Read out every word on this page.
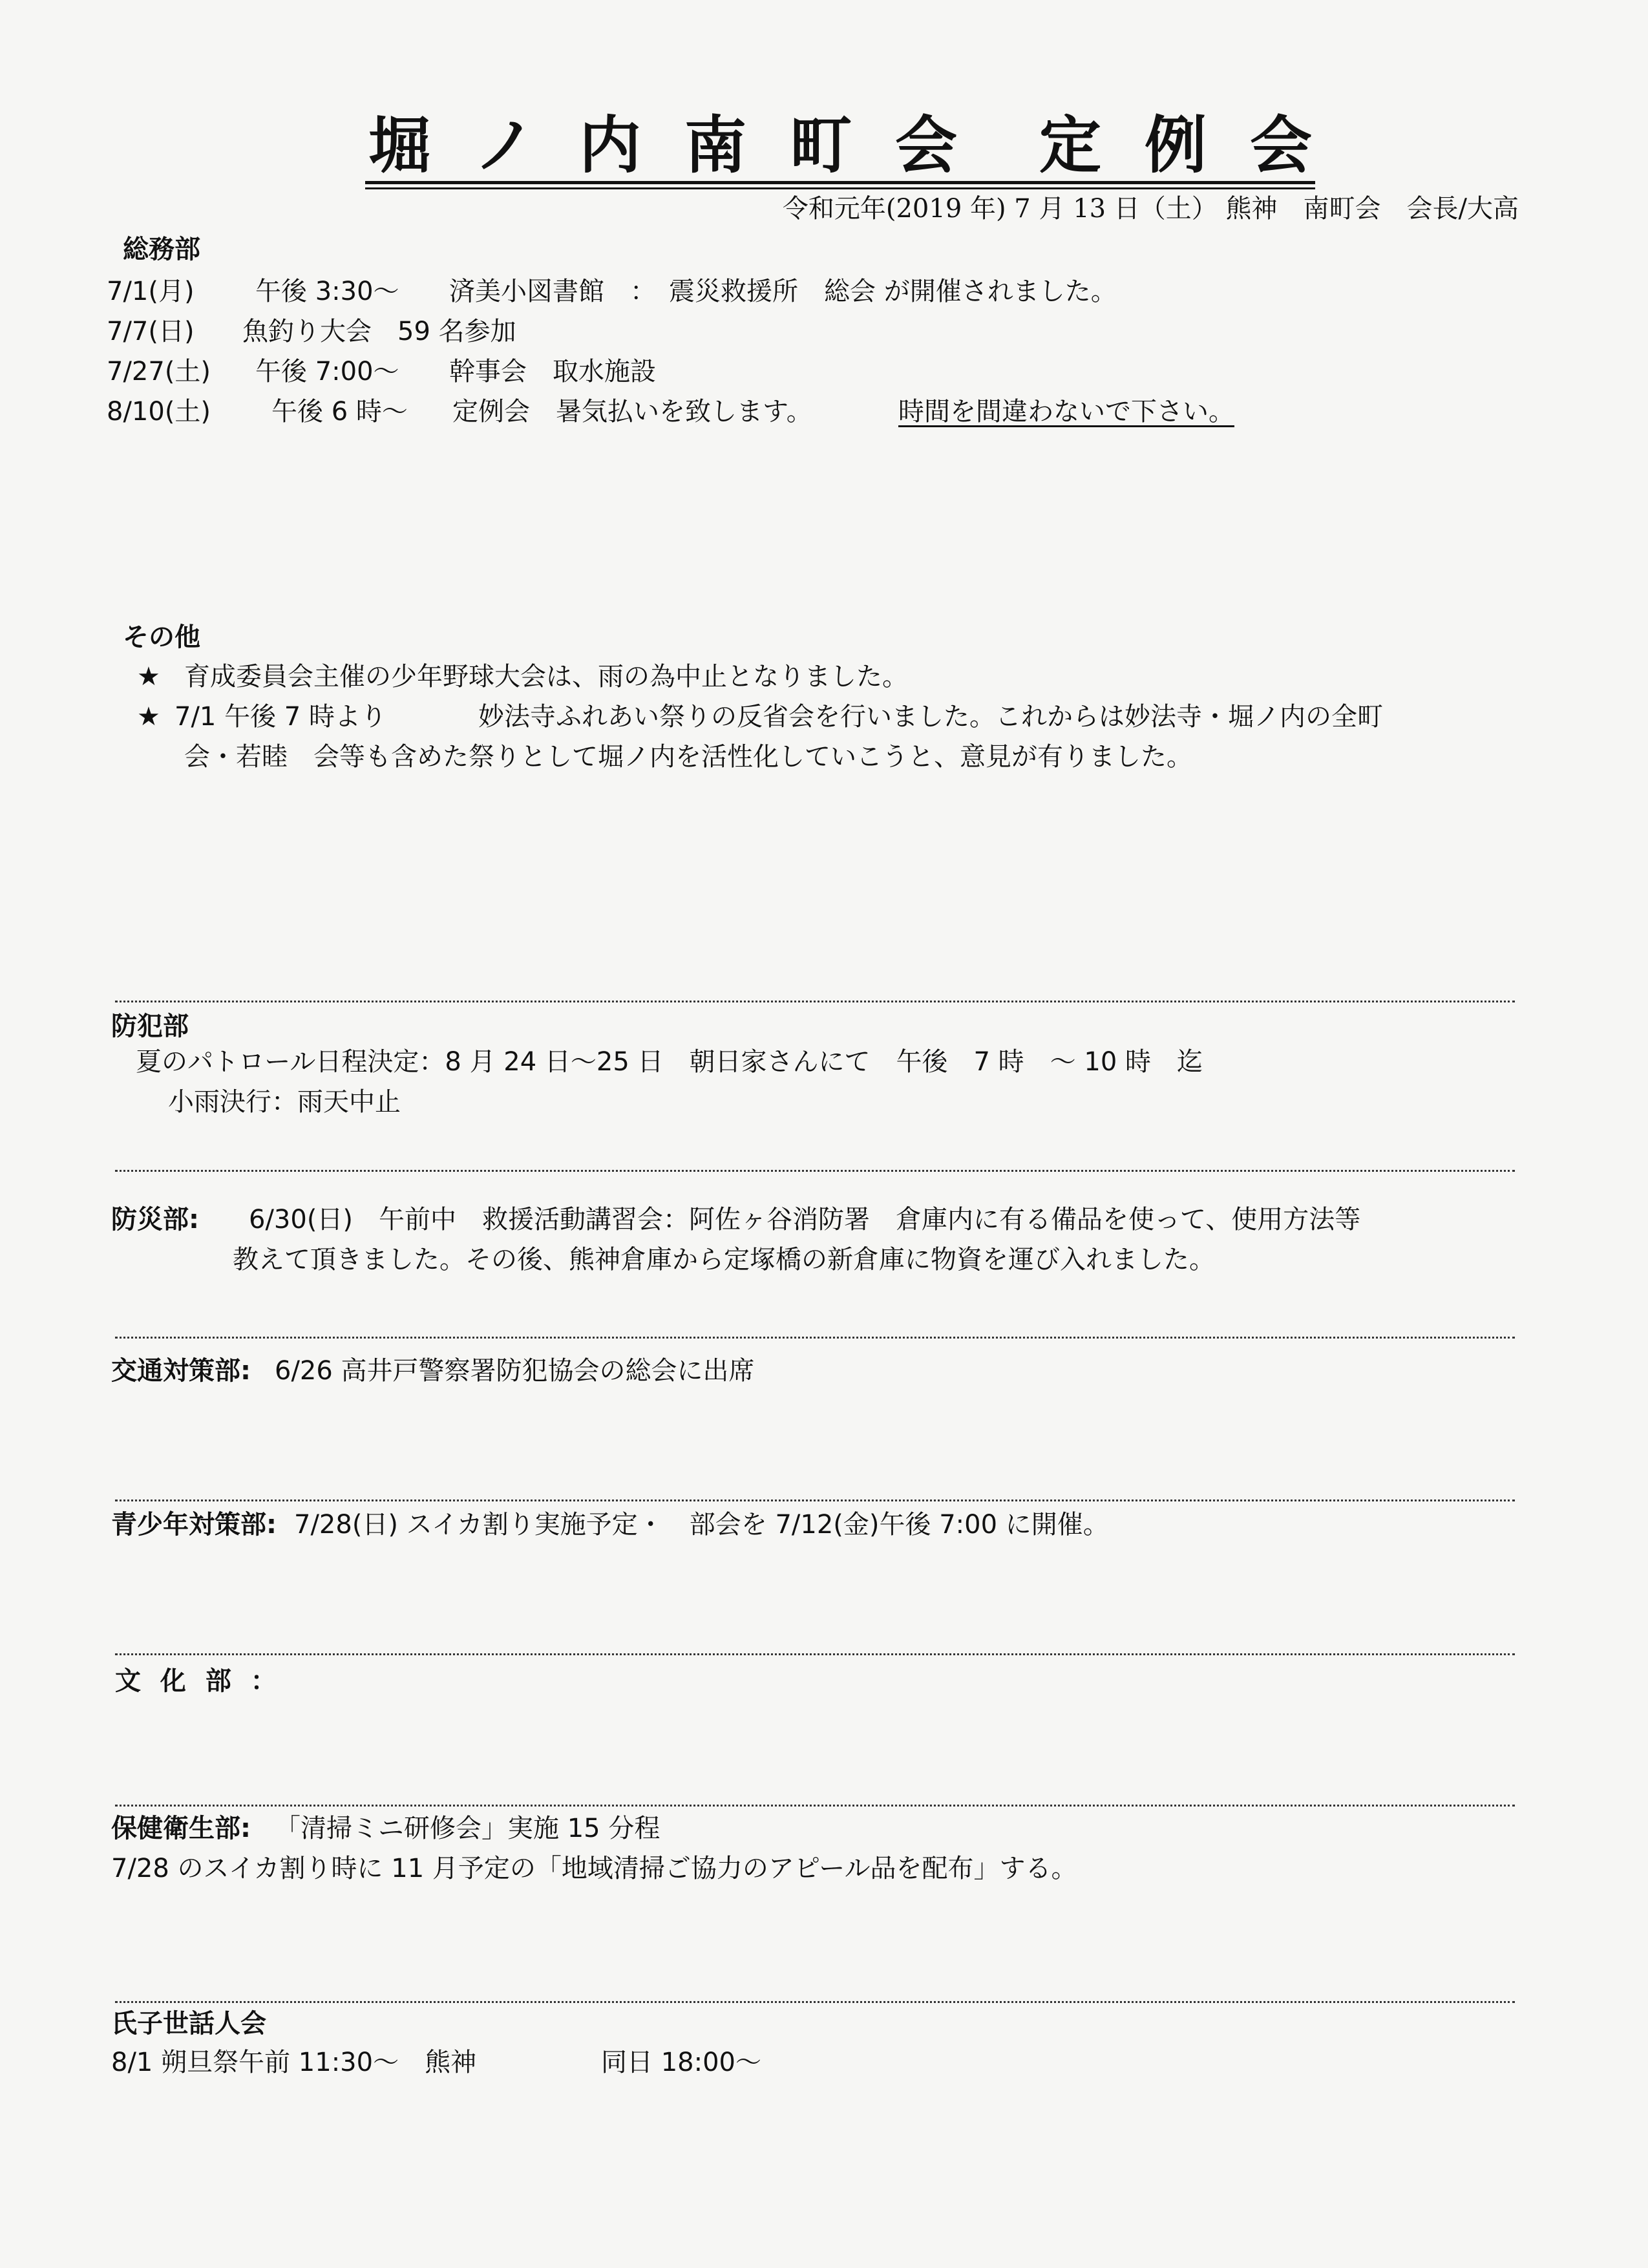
堀 ノ 内 南 町 会 定 例 会
令和元年(2019 年) 7 月 13 日（土） 熊神　南町会　会長/大高
総務部
7/1(月) 午後 3:30〜 済美小図書館　：　震災救援所　総会 が開催されました。
7/7(日) 魚釣り大会　59 名参加
7/27(土) 午後 7:00〜 幹事会　取水施設
8/10(土) 午後 6 時〜 定例会　暑気払いを致します。	時間を間違わないで下さい。
その他
★ 育成委員会主催の少年野球大会は、雨の為中止となりました。
★ 7/1 午後 7 時より	妙法寺ふれあい祭りの反省会を行いました。これからは妙法寺・堀ノ内の全町
会・若睦　会等も含めた祭りとして堀ノ内を活性化していこうと、意見が有りました。
防犯部
夏のパトロール日程決定：8 月 24 日〜25 日　朝日家さんにて　午後　7 時　〜 10 時　迄
小雨決行：雨天中止
防災部: 6/30(日)　午前中　救援活動講習会：阿佐ヶ谷消防署　倉庫内に有る備品を使って、使用方法等
教えて頂きました。その後、熊神倉庫から定塚橋の新倉庫に物資を運び入れました。
交通対策部: 6/26 高井戸警察署防犯協会の総会に出席
青少年対策部: 7/28(日) スイカ割り実施予定・　部会を 7/12(金)午後 7:00 に開催。
文 化 部 ：
保健衛生部: 「清掃ミニ研修会」実施 15 分程
7/28 のスイカ割り時に 11 月予定の「地域清掃ご協力のアピール品を配布」する。
氏子世話人会
8/1 朔旦祭午前 11:30〜　熊神	同日 18:00〜
